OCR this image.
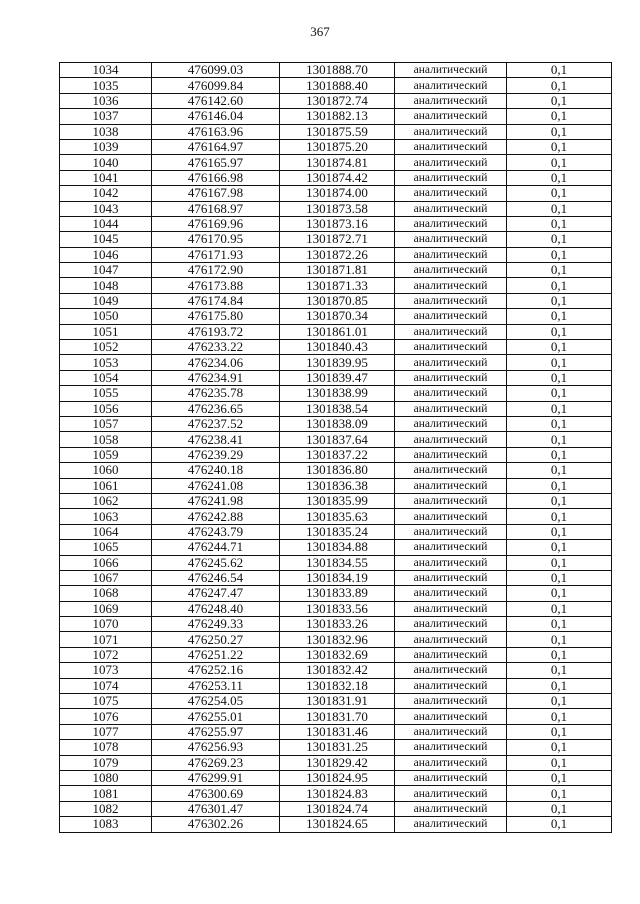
367
1034	476099.03	1301888.70	аналитический	0,1
1035	476099.84	1301888.40	аналитический	0,1
1036	476142.60	1301872.74	аналитический	0,1
1037	476146.04	1301882.13	аналитический	0,1
1038	476163.96	1301875.59	аналитический	0,1
1039	476164.97	1301875.20	аналитический	0,1
1040	476165.97	1301874.81	аналитический	0,1
1041	476166.98	1301874.42	аналитический	0,1
1042	476167.98	1301874.00	аналитический	0,1
1043	476168.97	1301873.58	аналитический	0,1
1044	476169.96	1301873.16	аналитический	0,1
1045	476170.95	1301872.71	аналитический	0,1
1046	476171.93	1301872.26	аналитический	0,1
1047	476172.90	1301871.81	аналитический	0,1
1048	476173.88	1301871.33	аналитический	0,1
1049	476174.84	1301870.85	аналитический	0,1
1050	476175.80	1301870.34	аналитический	0,1
1051	476193.72	1301861.01	аналитический	0,1
1052	476233.22	1301840.43	аналитический	0,1
1053	476234.06	1301839.95	аналитический	0,1
1054	476234.91	1301839.47	аналитический	0,1
1055	476235.78	1301838.99	аналитический	0,1
1056	476236.65	1301838.54	аналитический	0,1
1057	476237.52	1301838.09	аналитический	0,1
1058	476238.41	1301837.64	аналитический	0,1
1059	476239.29	1301837.22	аналитический	0,1
1060	476240.18	1301836.80	аналитический	0,1
1061	476241.08	1301836.38	аналитический	0,1
1062	476241.98	1301835.99	аналитический	0,1
1063	476242.88	1301835.63	аналитический	0,1
1064	476243.79	1301835.24	аналитический	0,1
1065	476244.71	1301834.88	аналитический	0,1
1066	476245.62	1301834.55	аналитический	0,1
1067	476246.54	1301834.19	аналитический	0,1
1068	476247.47	1301833.89	аналитический	0,1
1069	476248.40	1301833.56	аналитический	0,1
1070	476249.33	1301833.26	аналитический	0,1
1071	476250.27	1301832.96	аналитический	0,1
1072	476251.22	1301832.69	аналитический	0,1
1073	476252.16	1301832.42	аналитический	0,1
1074	476253.11	1301832.18	аналитический	0,1
1075	476254.05	1301831.91	аналитический	0,1
1076	476255.01	1301831.70	аналитический	0,1
1077	476255.97	1301831.46	аналитический	0,1
1078	476256.93	1301831.25	аналитический	0,1
1079	476269.23	1301829.42	аналитический	0,1
1080	476299.91	1301824.95	аналитический	0,1
1081	476300.69	1301824.83	аналитический	0,1
1082	476301.47	1301824.74	аналитический	0,1
1083	476302.26	1301824.65	аналитический	0,1
